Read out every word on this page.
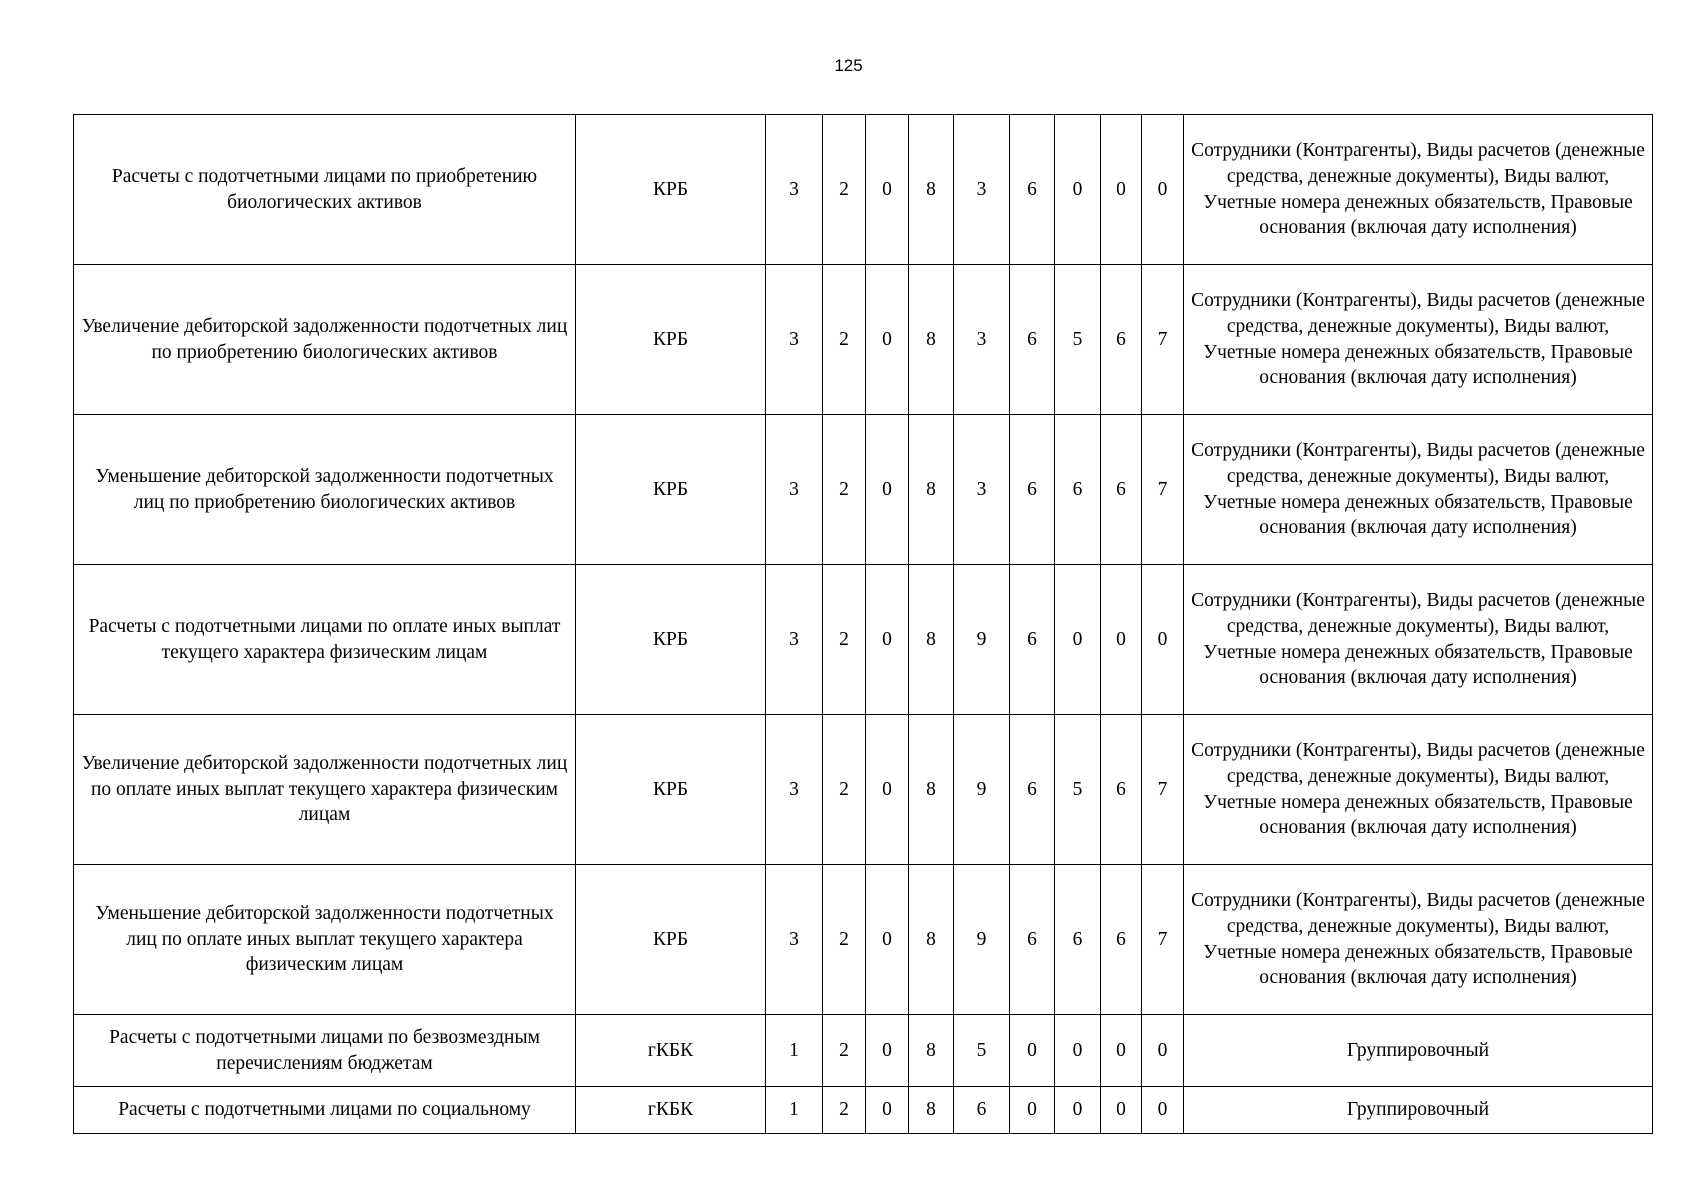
125
Расчеты с подотчетными лицами по приобретению биологических активов	КРБ	3	2	0	8	3	6	0	0	0	Сотрудники (Контрагенты), Виды расчетов (денежные средства, денежные документы), Виды валют, Учетные номера денежных обязательств, Правовые основания (включая дату исполнения)
Увеличение дебиторской задолженности подотчетных лиц по приобретению биологических активов	КРБ	3	2	0	8	3	6	5	6	7	Сотрудники (Контрагенты), Виды расчетов (денежные средства, денежные документы), Виды валют, Учетные номера денежных обязательств, Правовые основания (включая дату исполнения)
Уменьшение дебиторской задолженности подотчетных лиц по приобретению биологических активов	КРБ	3	2	0	8	3	6	6	6	7	Сотрудники (Контрагенты), Виды расчетов (денежные средства, денежные документы), Виды валют, Учетные номера денежных обязательств, Правовые основания (включая дату исполнения)
Расчеты с подотчетными лицами по оплате иных выплат текущего характера физическим лицам	КРБ	3	2	0	8	9	6	0	0	0	Сотрудники (Контрагенты), Виды расчетов (денежные средства, денежные документы), Виды валют, Учетные номера денежных обязательств, Правовые основания (включая дату исполнения)
Увеличение дебиторской задолженности подотчетных лиц по оплате иных выплат текущего характера физическим лицам	КРБ	3	2	0	8	9	6	5	6	7	Сотрудники (Контрагенты), Виды расчетов (денежные средства, денежные документы), Виды валют, Учетные номера денежных обязательств, Правовые основания (включая дату исполнения)
Уменьшение дебиторской задолженности подотчетных лиц по оплате иных выплат текущего характера физическим лицам	КРБ	3	2	0	8	9	6	6	6	7	Сотрудники (Контрагенты), Виды расчетов (денежные средства, денежные документы), Виды валют, Учетные номера денежных обязательств, Правовые основания (включая дату исполнения)
Расчеты с подотчетными лицами по безвозмездным перечислениям бюджетам	гКБК	1	2	0	8	5	0	0	0	0	Группировочный
Расчеты с подотчетными лицами по социальному	гКБК	1	2	0	8	6	0	0	0	0	Группировочный
